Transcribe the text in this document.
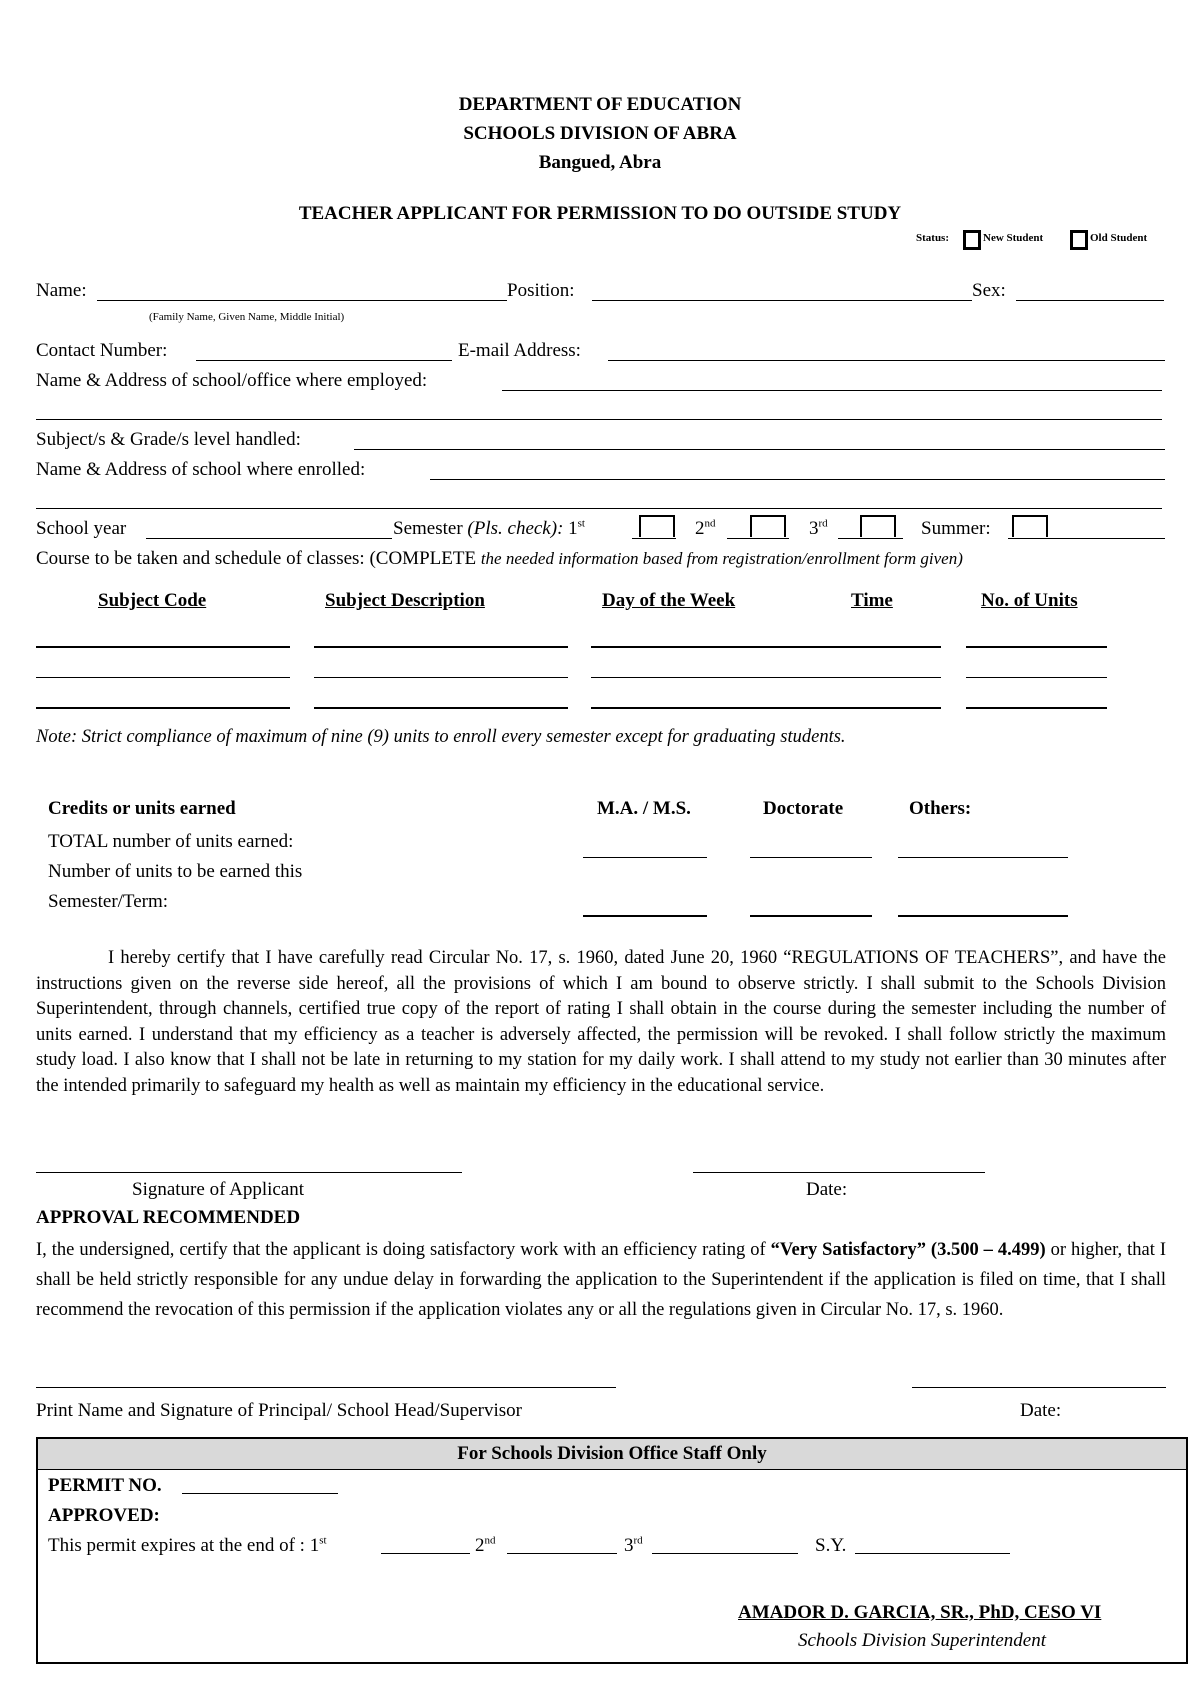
DEPARTMENT OF EDUCATION
SCHOOLS DIVISION OF ABRA
Bangued, Abra
TEACHER APPLICANT FOR PERMISSION TO DO OUTSIDE STUDY
Status:	New Student	Old Student
Name:	Position:	Sex:
(Family Name, Given Name, Middle Initial)
Contact Number:	E-mail Address:
Name & Address of school/office where employed:
Subject/s & Grade/s level handled:
Name & Address of school where enrolled:
School year	Semester (Pls. check): 1st	2nd	3rd	Summer:
Course to be taken and schedule of classes: (COMPLETE the needed information based from registration/enrollment form given)
Subject Code	Subject Description	Day of the Week	Time	No. of Units
Note: Strict compliance of maximum of nine (9) units to enroll every semester except for graduating students.
Credits or units earned	M.A. / M.S.	Doctorate	Others:
TOTAL number of units earned:
Number of units to be earned this
Semester/Term:
I hereby certify that I have carefully read Circular No. 17, s. 1960, dated June 20, 1960 “REGULATIONS OF TEACHERS”, and have the instructions given on the reverse side hereof, all the provisions of which I am bound to observe strictly. I shall submit to the Schools Division Superintendent, through channels, certified true copy of the report of rating I shall obtain in the course during the semester including the number of units earned. I understand that my efficiency as a teacher is adversely affected, the permission will be revoked. I shall follow strictly the maximum study load. I also know that I shall not be late in returning to my station for my daily work. I shall attend to my study not earlier than 30 minutes after the intended primarily to safeguard my health as well as maintain my efficiency in the educational service.
Signature of Applicant	Date:
APPROVAL RECOMMENDED
I, the undersigned, certify that the applicant is doing satisfactory work with an efficiency rating of “Very Satisfactory” (3.500 – 4.499) or higher, that I shall be held strictly responsible for any undue delay in forwarding the application to the Superintendent if the application is filed on time, that I shall recommend the revocation of this permission if the application violates any or all the regulations given in Circular No. 17, s. 1960.
Print Name and Signature of Principal/ School Head/Supervisor	Date:
For Schools Division Office Staff Only
PERMIT NO.
APPROVED:
This permit expires at the end of : 1st	2nd	3rd	S.Y.
AMADOR D. GARCIA, SR., PhD, CESO VI
Schools Division Superintendent
